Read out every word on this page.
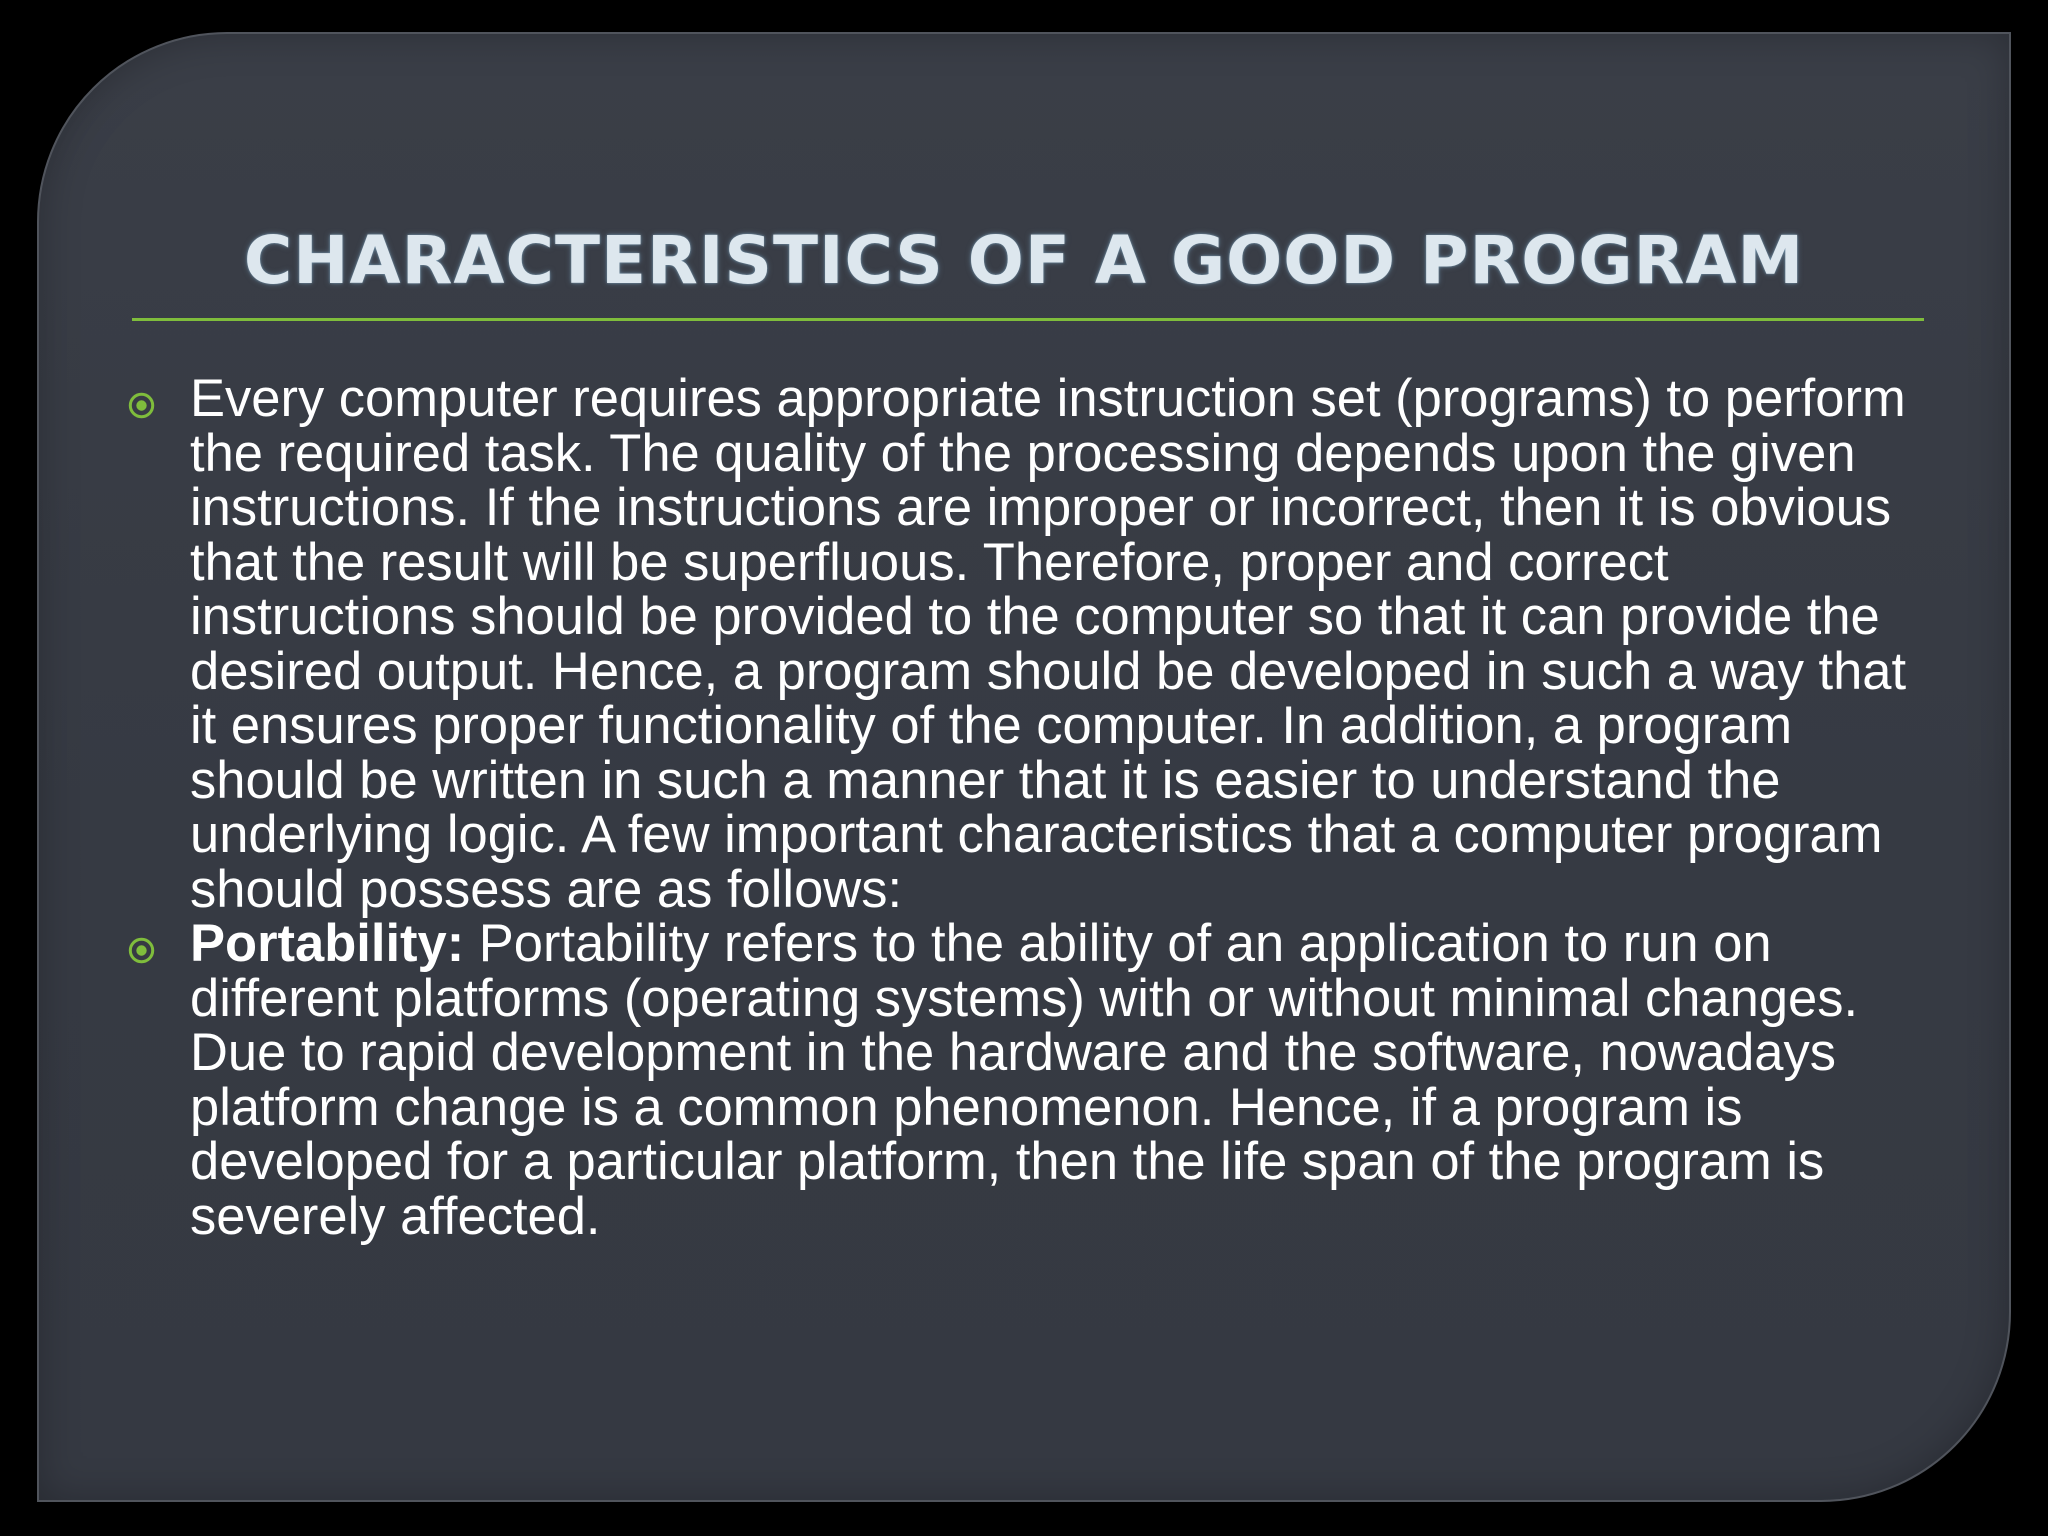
CHARACTERISTICS OF A GOOD PROGRAM
Every computer requires appropriate instruction set (programs) to perform the required task. The quality of the processing depends upon the given instructions. If the instructions are improper or incorrect, then it is obvious that the result will be superfluous. Therefore, proper and correct instructions should be provided to the computer so that it can provide the desired output. Hence, a program should be developed in such a way that it ensures proper functionality of the computer. In addition, a program should be written in such a manner that it is easier to understand the underlying logic. A few important characteristics that a computer program should possess are as follows:
Portability: Portability refers to the ability of an application to run on different platforms (operating systems) with or without minimal changes. Due to rapid development in the hardware and the software, nowadays platform change is a common phenomenon. Hence, if a program is developed for a particular platform, then the life span of the program is severely affected.
